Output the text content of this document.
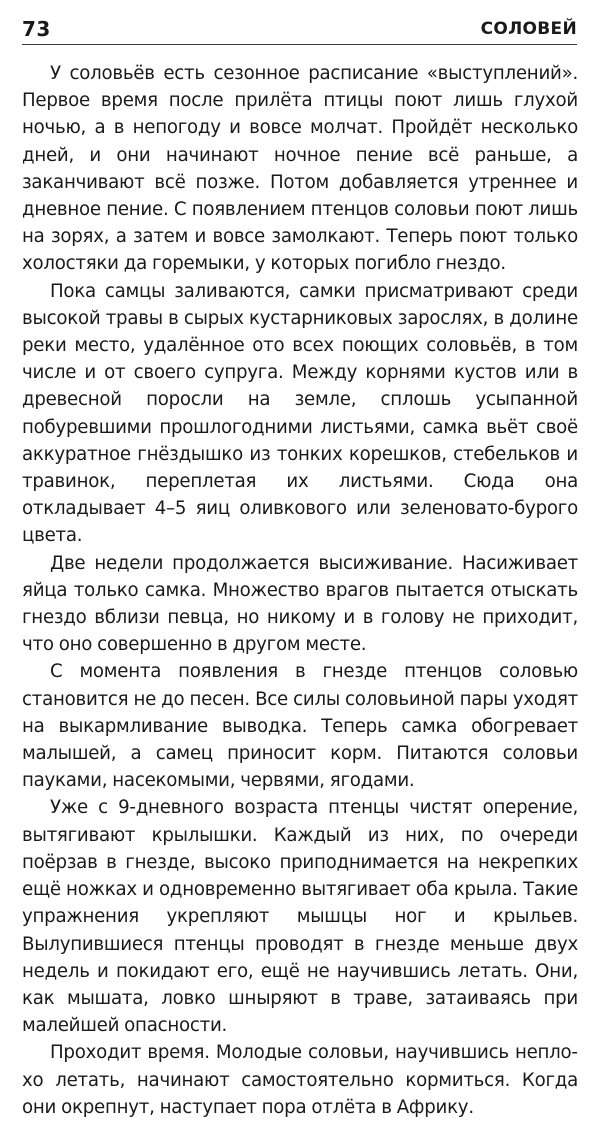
73	СОЛОВЕЙ

У соловьёв есть сезонное расписание «выступлений». Первое время после прилёта птицы поют лишь глухой ночью, а в непогоду и вовсе молчат. Пройдёт несколько дней, и они начинают ночное пение всё раньше, а заканчивают всё позже. Потом добавляется утреннее и дневное пение. С появлением птенцов соловьи поют лишь на зорях, а затем и вовсе замолкают. Теперь поют только холостяки да горемыки, у которых погибло гнездо.

Пока самцы заливаются, самки присматривают среди высокой травы в сырых кустарниковых зарослях, в долине реки место, удалённое ото всех поющих соловьёв, в том числе и от своего супруга. Между корнями кустов или в древесной поросли на земле, сплошь усыпанной побуревшими прошлогодними листьями, самка вьёт своё аккуратное гнёздышко из тонких корешков, стебельков и травинок, переплетая их листьями. Сюда она откладывает 4–5 яиц оливкового или зеленовато-бурого цвета.

Две недели продолжается высиживание. Насиживает яйца только самка. Множество врагов пытается отыскать гнездо вблизи певца, но никому и в голову не приходит, что оно совершенно в другом месте.

С момента появления в гнезде птенцов соловью становится не до песен. Все силы соловьиной пары уходят на выкармливание выводка. Теперь самка обогревает малышей, а самец приносит корм. Питаются соловьи пауками, насекомыми, червями, ягодами.

Уже с 9-дневного возраста птенцы чистят оперение, вытягивают крылышки. Каждый из них, по очереди поёрзав в гнезде, высоко приподнимается на некрепких ещё ножках и одновременно вытягивает оба крыла. Такие упражнения укрепляют мышцы ног и крыльев. Вылупившиеся птенцы проводят в гнезде меньше двух недель и покидают его, ещё не научившись летать. Они, как мышата, ловко шныряют в траве, затаиваясь при малейшей опасности.

Проходит время. Молодые соловьи, научившись неплохо летать, начинают самостоятельно кормиться. Когда они окрепнут, наступает пора отлёта в Африку.
